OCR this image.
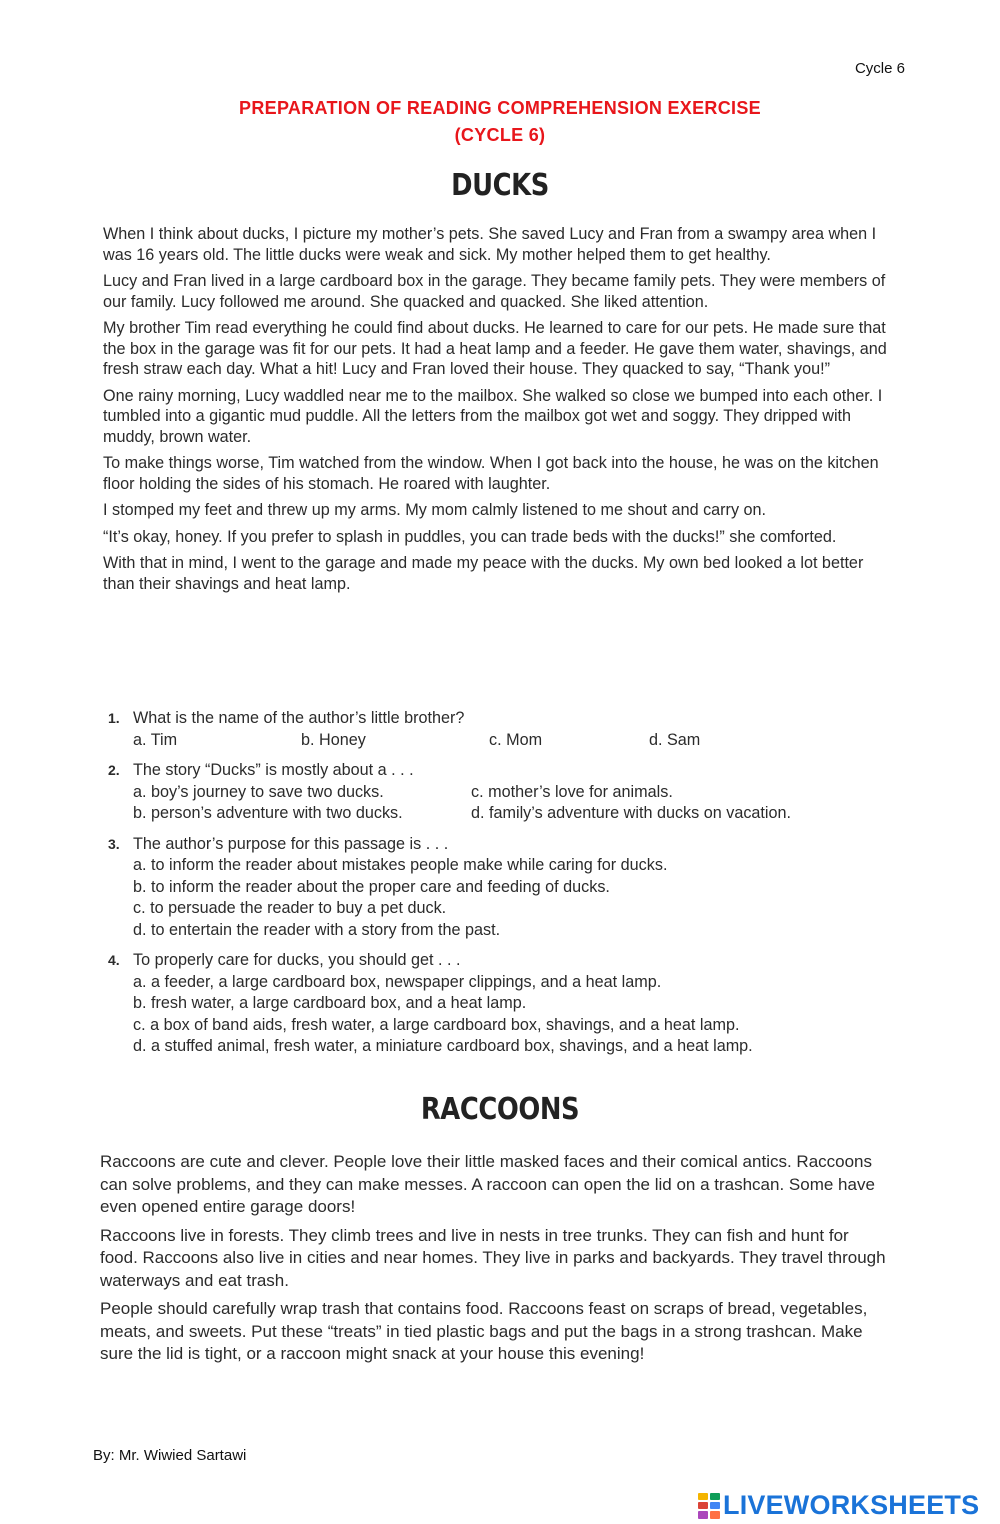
Cycle 6
PREPARATION OF READING COMPREHENSION EXERCISE
(CYCLE 6)
DUCKS

When I think about ducks, I picture my mother’s pets. She saved Lucy and Fran from a swampy area when I was 16 years old. The little ducks were weak and sick. My mother helped them to get healthy.

Lucy and Fran lived in a large cardboard box in the garage. They became family pets. They were members of our family. Lucy followed me around. She quacked and quacked. She liked attention.

My brother Tim read everything he could find about ducks. He learned to care for our pets. He made sure that the box in the garage was fit for our pets. It had a heat lamp and a feeder. He gave them water, shavings, and fresh straw each day. What a hit! Lucy and Fran loved their house. They quacked to say, “Thank you!”

One rainy morning, Lucy waddled near me to the mailbox. She walked so close we bumped into each other. I tumbled into a gigantic mud puddle. All the letters from the mailbox got wet and soggy. They dripped with muddy, brown water.

To make things worse, Tim watched from the window. When I got back into the house, he was on the kitchen floor holding the sides of his stomach. He roared with laughter.

I stomped my feet and threw up my arms. My mom calmly listened to me shout and carry on.

“It’s okay, honey. If you prefer to splash in puddles, you can trade beds with the ducks!” she comforted.

With that in mind, I went to the garage and made my peace with the ducks. My own bed looked a lot better than their shavings and heat lamp.

1. What is the name of the author’s little brother?
a. Tim	b. Honey	c. Mom	d. Sam
2. The story “Ducks” is mostly about a . . .
a. boy’s journey to save two ducks.	c. mother’s love for animals.
b. person’s adventure with two ducks.	d. family’s adventure with ducks on vacation.
3. The author’s purpose for this passage is . . .
a. to inform the reader about mistakes people make while caring for ducks.
b. to inform the reader about the proper care and feeding of ducks.
c. to persuade the reader to buy a pet duck.
d. to entertain the reader with a story from the past.
4. To properly care for ducks, you should get . . .
a. a feeder, a large cardboard box, newspaper clippings, and a heat lamp.
b. fresh water, a large cardboard box, and a heat lamp.
c. a box of band aids, fresh water, a large cardboard box, shavings, and a heat lamp.
d. a stuffed animal, fresh water, a miniature cardboard box, shavings, and a heat lamp.
RACCOONS

Raccoons are cute and clever. People love their little masked faces and their comical antics. Raccoons can solve problems, and they can make messes. A raccoon can open the lid on a trashcan. Some have even opened entire garage doors!

Raccoons live in forests. They climb trees and live in nests in tree trunks. They can fish and hunt for food. Raccoons also live in cities and near homes. They live in parks and backyards. They travel through waterways and eat trash.

People should carefully wrap trash that contains food. Raccoons feast on scraps of bread, vegetables, meats, and sweets. Put these “treats” in tied plastic bags and put the bags in a strong trashcan. Make sure the lid is tight, or a raccoon might snack at your house this evening!

By: Mr. Wiwied Sartawi
LIVEWORKSHEETS
